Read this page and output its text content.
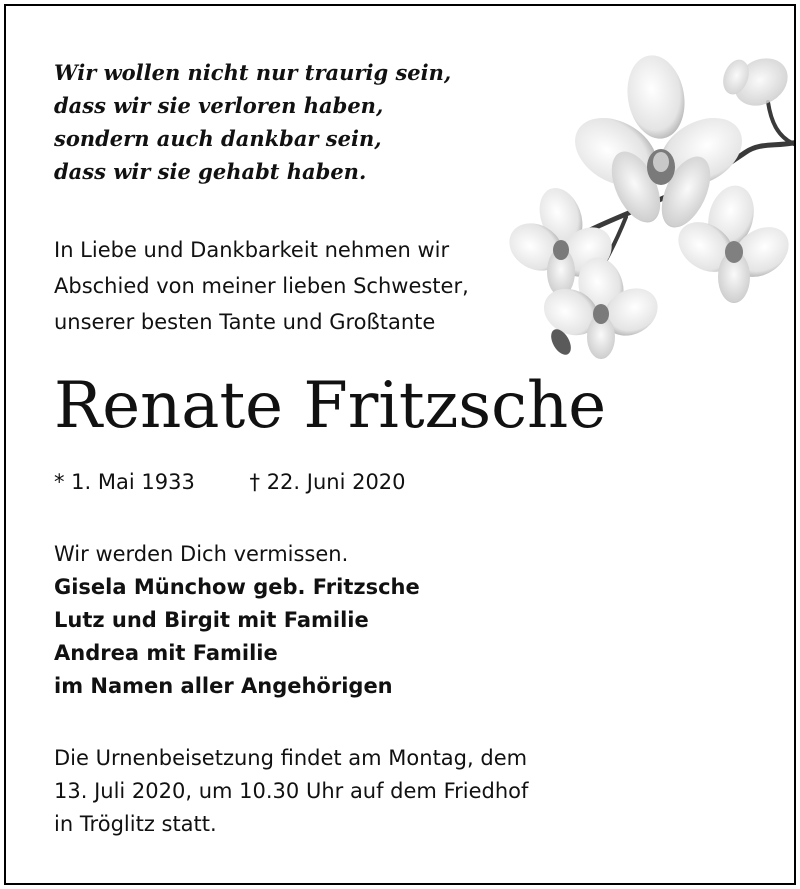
Wir wollen nicht nur traurig sein,
dass wir sie verloren haben,
sondern auch dankbar sein,
dass wir sie gehabt haben.
In Liebe und Dankbarkeit nehmen wir
Abschied von meiner lieben Schwester,
unserer besten Tante und Großtante
Renate Fritzsche
* 1. Mai 1933	† 22. Juni 2020
Wir werden Dich vermissen.
Gisela Münchow geb. Fritzsche
Lutz und Birgit mit Familie
Andrea mit Familie
im Namen aller Angehörigen
Die Urnenbeisetzung findet am Montag, dem
13. Juli 2020, um 10.30 Uhr auf dem Friedhof
in Tröglitz statt.
